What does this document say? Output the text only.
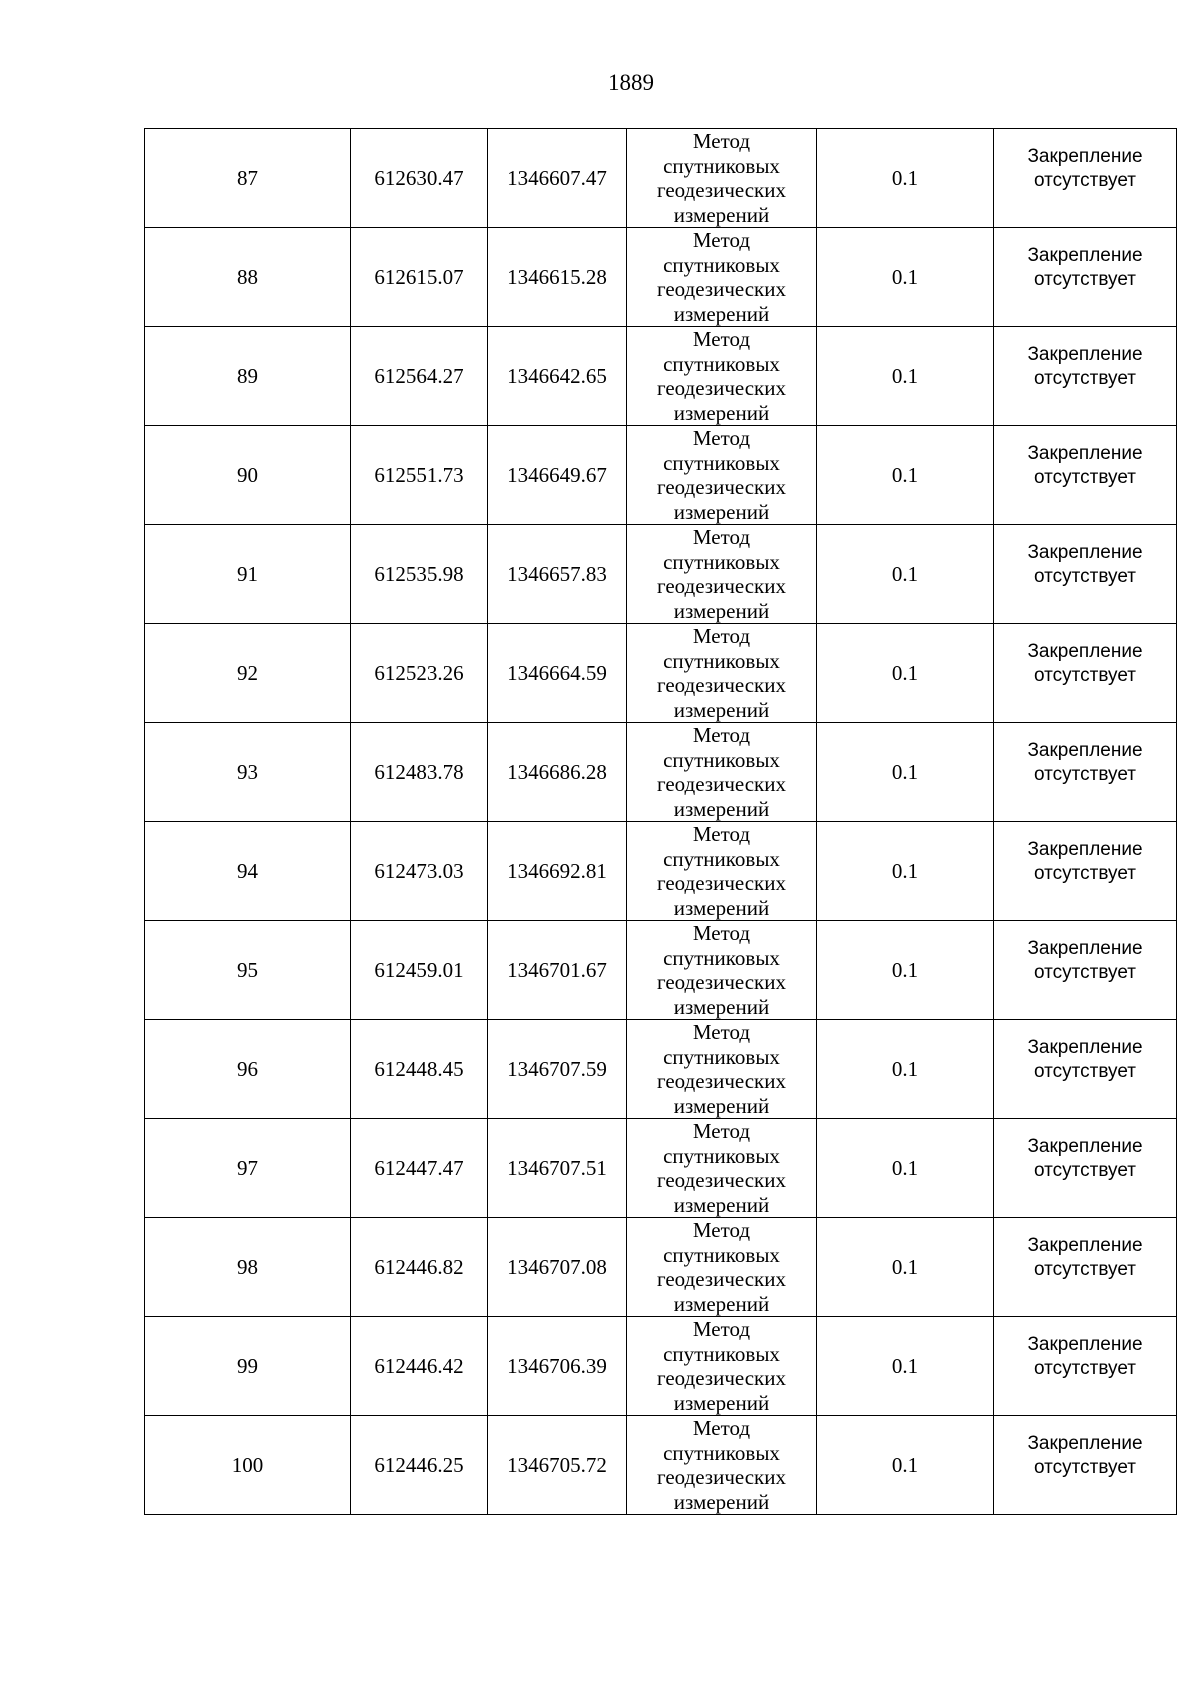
1889
87	612630.47	1346607.47	Метод
спутниковых
геодезических
измерений	0.1	Закрепление
отсутствует

88	612615.07	1346615.28	Метод
спутниковых
геодезических
измерений	0.1	Закрепление
отсутствует

89	612564.27	1346642.65	Метод
спутниковых
геодезических
измерений	0.1	Закрепление
отсутствует

90	612551.73	1346649.67	Метод
спутниковых
геодезических
измерений	0.1	Закрепление
отсутствует

91	612535.98	1346657.83	Метод
спутниковых
геодезических
измерений	0.1	Закрепление
отсутствует

92	612523.26	1346664.59	Метод
спутниковых
геодезических
измерений	0.1	Закрепление
отсутствует

93	612483.78	1346686.28	Метод
спутниковых
геодезических
измерений	0.1	Закрепление
отсутствует

94	612473.03	1346692.81	Метод
спутниковых
геодезических
измерений	0.1	Закрепление
отсутствует

95	612459.01	1346701.67	Метод
спутниковых
геодезических
измерений	0.1	Закрепление
отсутствует

96	612448.45	1346707.59	Метод
спутниковых
геодезических
измерений	0.1	Закрепление
отсутствует

97	612447.47	1346707.51	Метод
спутниковых
геодезических
измерений	0.1	Закрепление
отсутствует

98	612446.82	1346707.08	Метод
спутниковых
геодезических
измерений	0.1	Закрепление
отсутствует

99	612446.42	1346706.39	Метод
спутниковых
геодезических
измерений	0.1	Закрепление
отсутствует

100	612446.25	1346705.72	Метод
спутниковых
геодезических
измерений	0.1	Закрепление
отсутствует
